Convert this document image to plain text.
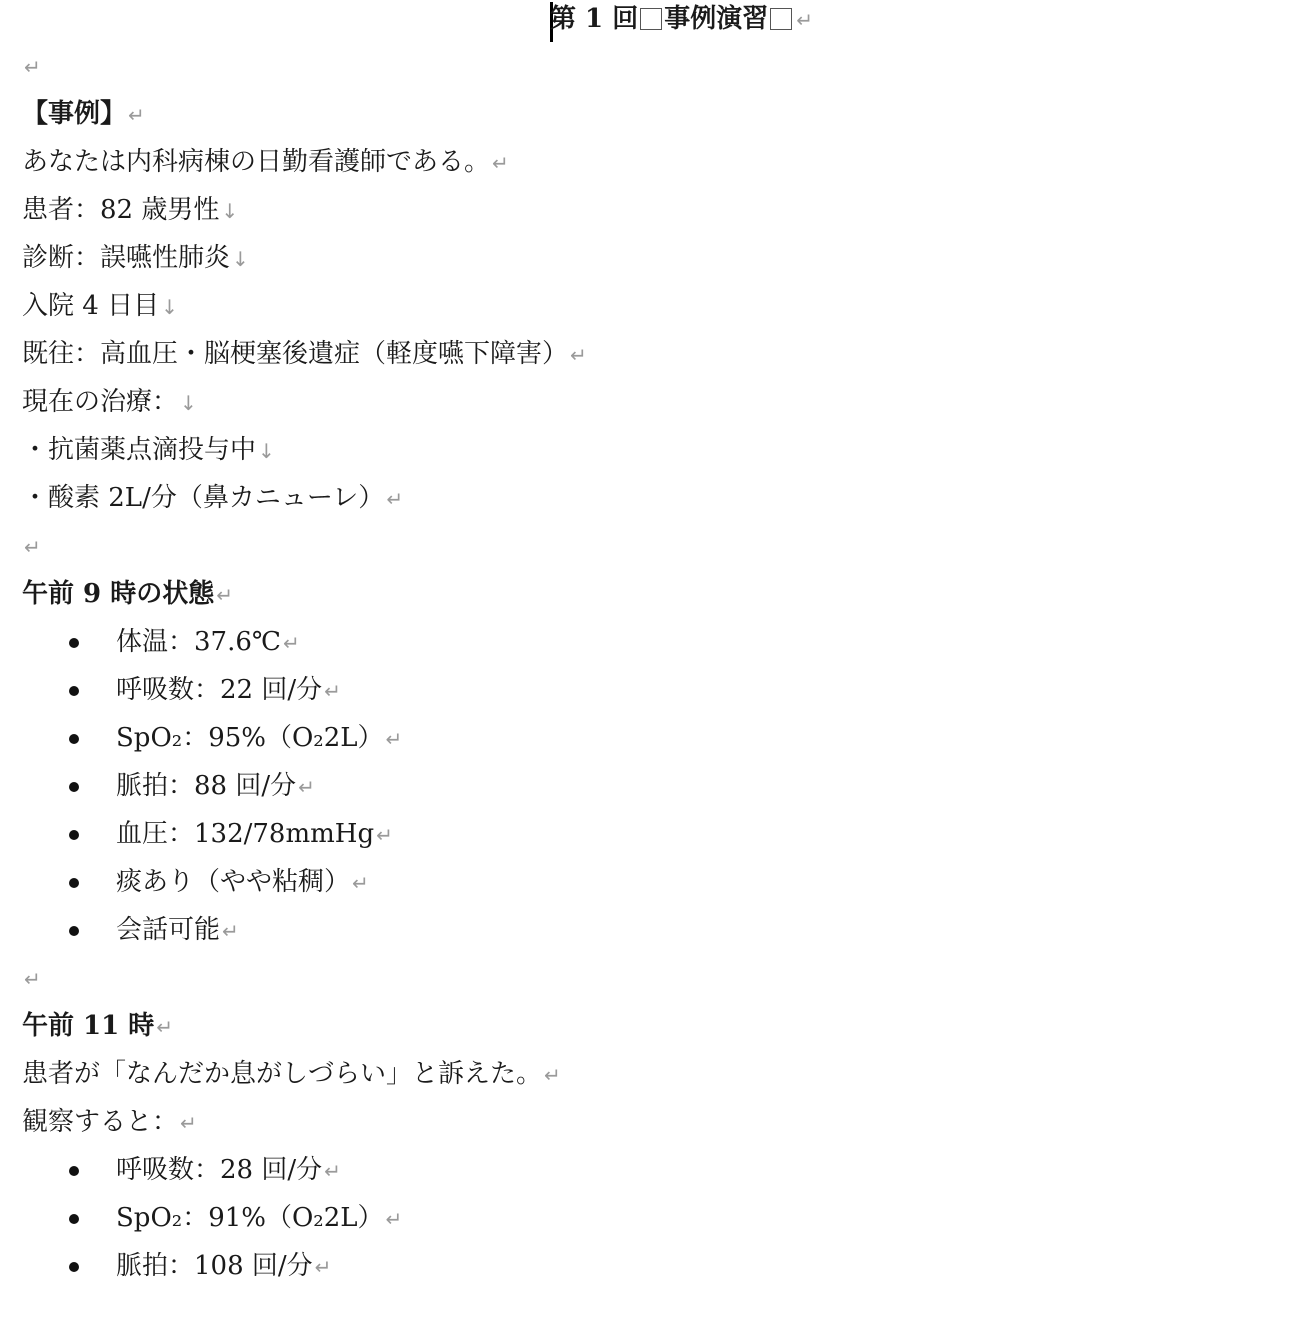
第 1 回 事例演習 ↵
↵
【事例】 ↵
あなたは内科病棟の日勤看護師である。 ↵
患者：82 歳男性 ↓
診断：誤嚥性肺炎 ↓
入院 4 日目 ↓
既往：高血圧・脳梗塞後遺症（軽度嚥下障害） ↵
現在の治療： ↓
・抗菌薬点滴投与中 ↓
・酸素 2L/分（鼻カニューレ） ↵
↵
午前 9 時の状態 ↵
体温：37.6℃ ↵
呼吸数：22 回/分 ↵
SpO₂：95%（O₂2L） ↵
脈拍：88 回/分 ↵
血圧：132/78mmHg ↵
痰あり（やや粘稠） ↵
会話可能 ↵
↵
午前 11 時 ↵
患者が「なんだか息がしづらい」と訴えた。 ↵
観察すると： ↵
呼吸数：28 回/分 ↵
SpO₂：91%（O₂2L） ↵
脈拍：108 回/分 ↵
